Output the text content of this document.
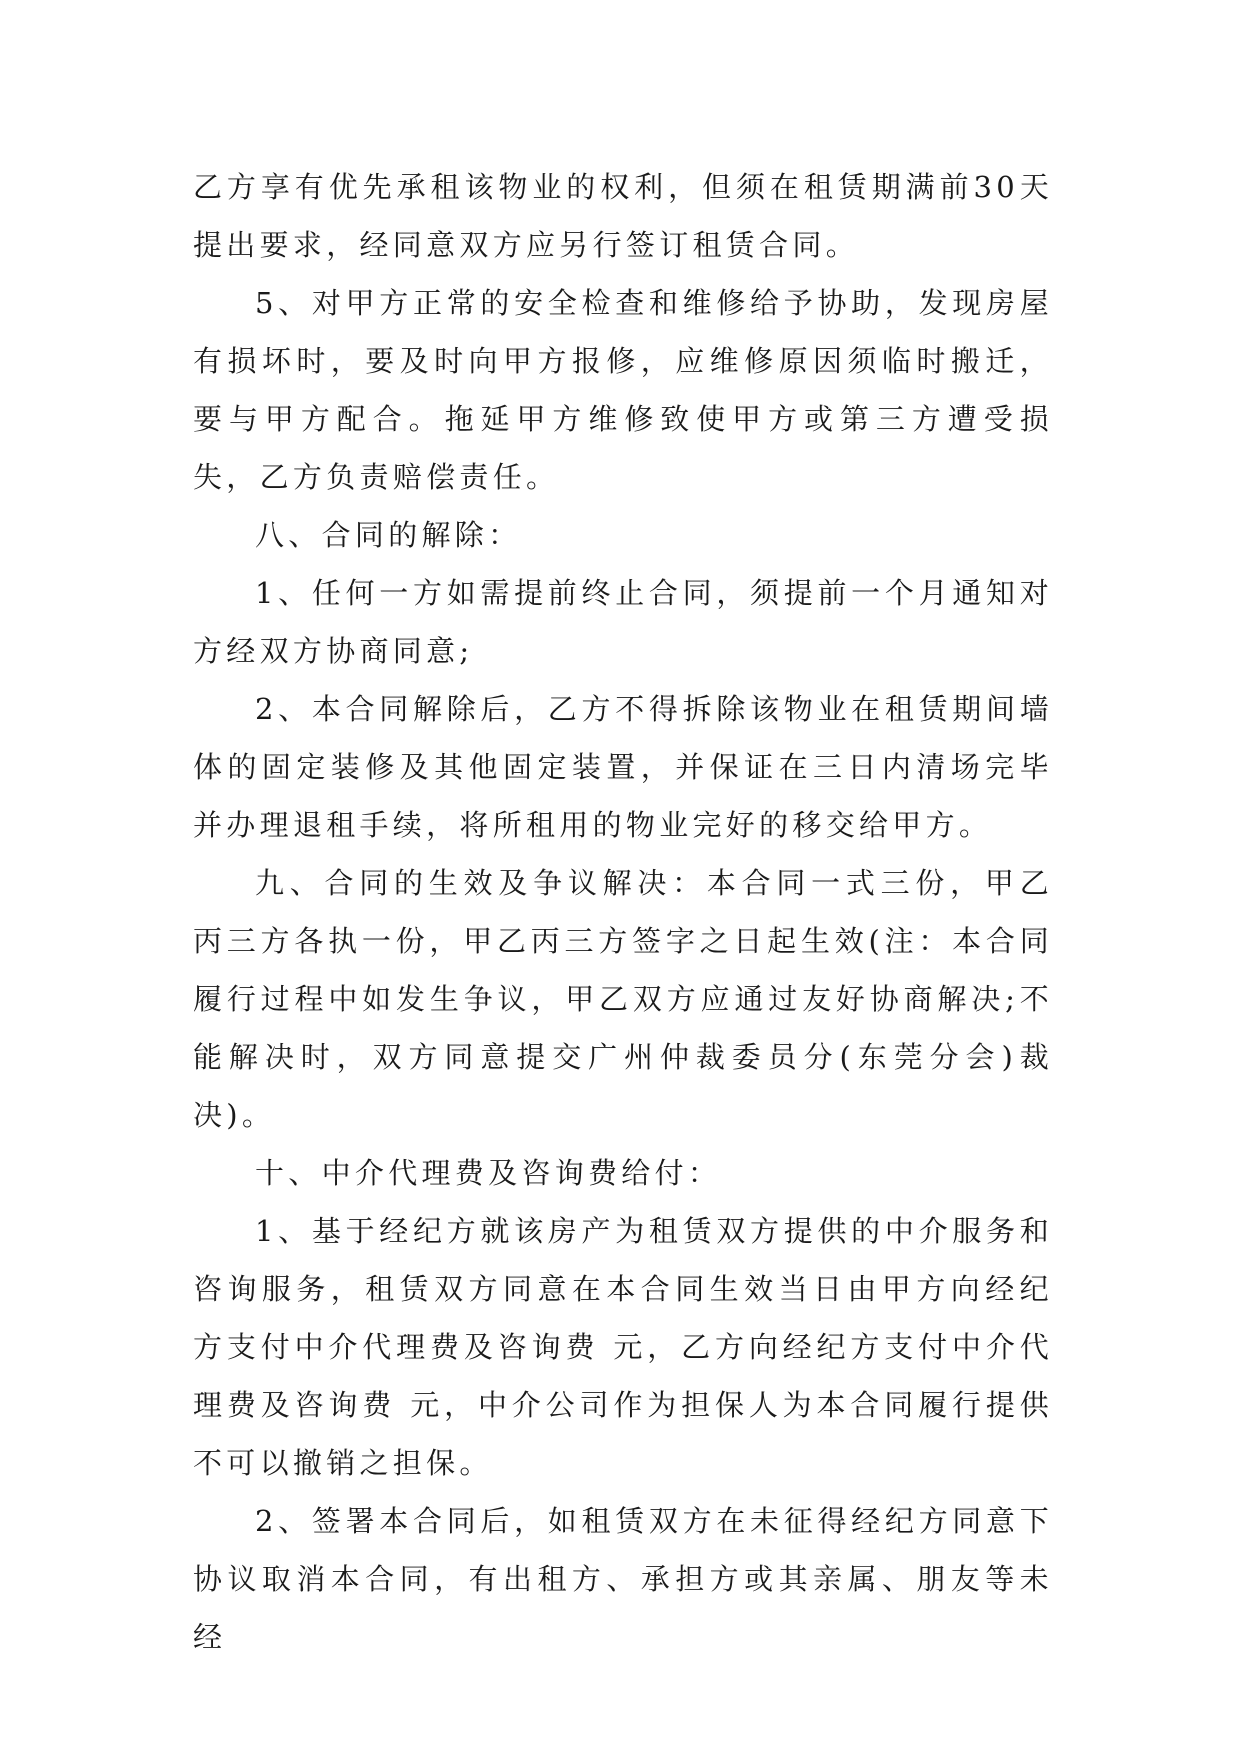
乙方享有优先承租该物业的权利，但须在租赁期满前30天提出要求，经同意双方应另行签订租赁合同。

5、对甲方正常的安全检查和维修给予协助，发现房屋有损坏时，要及时向甲方报修，应维修原因须临时搬迁，要与甲方配合。拖延甲方维修致使甲方或第三方遭受损失，乙方负责赔偿责任。

八、合同的解除：

1、任何一方如需提前终止合同，须提前一个月通知对方经双方协商同意;

2、本合同解除后，乙方不得拆除该物业在租赁期间墙体的固定装修及其他固定装置，并保证在三日内清场完毕并办理退租手续，将所租用的物业完好的移交给甲方。

九、合同的生效及争议解决：本合同一式三份，甲乙丙三方各执一份，甲乙丙三方签字之日起生效(注：本合同履行过程中如发生争议，甲乙双方应通过友好协商解决;不能解决时，双方同意提交广州仲裁委员分(东莞分会)裁决)。

十、中介代理费及咨询费给付：

1、基于经纪方就该房产为租赁双方提供的中介服务和咨询服务，租赁双方同意在本合同生效当日由甲方向经纪方支付中介代理费及咨询费 元，乙方向经纪方支付中介代理费及咨询费 元，中介公司作为担保人为本合同履行提供不可以撤销之担保。

2、签署本合同后，如租赁双方在未征得经纪方同意下协议取消本合同，有出租方、承担方或其亲属、朋友等未经
